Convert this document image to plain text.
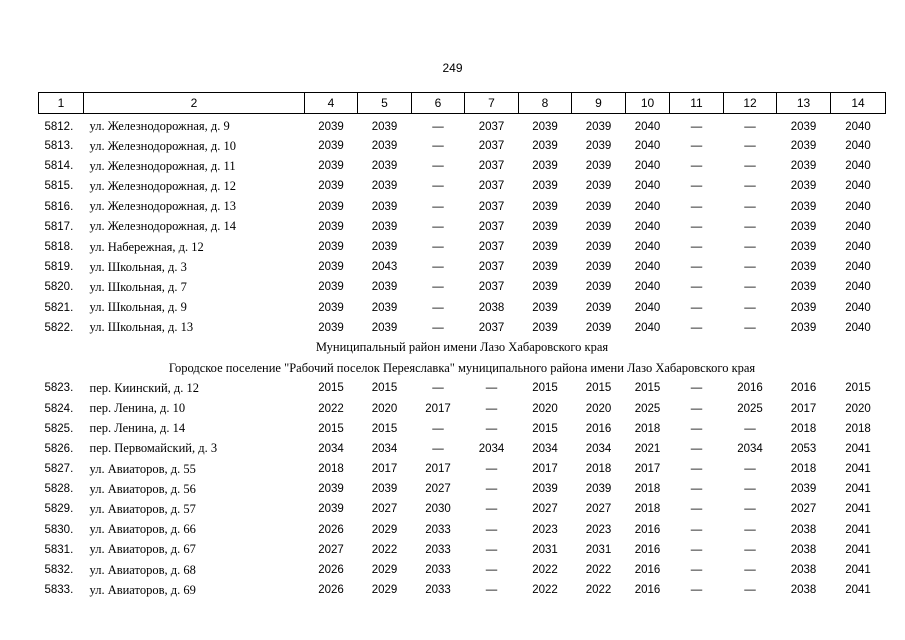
249
1	2	4	5	6	7	8	9	10	11	12	13	14
5812.	ул. Железнодорожная, д. 9	2039	2039	—	2037	2039	2039	2040	—	—	2039	2040
5813.	ул. Железнодорожная, д. 10	2039	2039	—	2037	2039	2039	2040	—	—	2039	2040
5814.	ул. Железнодорожная, д. 11	2039	2039	—	2037	2039	2039	2040	—	—	2039	2040
5815.	ул. Железнодорожная, д. 12	2039	2039	—	2037	2039	2039	2040	—	—	2039	2040
5816.	ул. Железнодорожная, д. 13	2039	2039	—	2037	2039	2039	2040	—	—	2039	2040
5817.	ул. Железнодорожная, д. 14	2039	2039	—	2037	2039	2039	2040	—	—	2039	2040
5818.	ул. Набережная, д. 12	2039	2039	—	2037	2039	2039	2040	—	—	2039	2040
5819.	ул. Школьная, д. 3	2039	2043	—	2037	2039	2039	2040	—	—	2039	2040
5820.	ул. Школьная, д. 7	2039	2039	—	2037	2039	2039	2040	—	—	2039	2040
5821.	ул. Школьная, д. 9	2039	2039	—	2038	2039	2039	2040	—	—	2039	2040
5822.	ул. Школьная, д. 13	2039	2039	—	2037	2039	2039	2040	—	—	2039	2040
Муниципальный район имени Лазо Хабаровского края												
Городское поселение "Рабочий поселок Переяславка" муниципального района имени Лазо Хабаровского края												
5823.	пер. Киинский, д. 12	2015	2015	—	—	2015	2015	2015	—	2016	2016	2015
5824.	пер. Ленина, д. 10	2022	2020	2017	—	2020	2020	2025	—	2025	2017	2020
5825.	пер. Ленина, д. 14	2015	2015	—	—	2015	2016	2018	—	—	2018	2018
5826.	пер. Первомайский, д. 3	2034	2034	—	2034	2034	2034	2021	—	2034	2053	2041
5827.	ул. Авиаторов, д. 55	2018	2017	2017	—	2017	2018	2017	—	—	2018	2041
5828.	ул. Авиаторов, д. 56	2039	2039	2027	—	2039	2039	2018	—	—	2039	2041
5829.	ул. Авиаторов, д. 57	2039	2027	2030	—	2027	2027	2018	—	—	2027	2041
5830.	ул. Авиаторов, д. 66	2026	2029	2033	—	2023	2023	2016	—	—	2038	2041
5831.	ул. Авиаторов, д. 67	2027	2022	2033	—	2031	2031	2016	—	—	2038	2041
5832.	ул. Авиаторов, д. 68	2026	2029	2033	—	2022	2022	2016	—	—	2038	2041
5833.	ул. Авиаторов, д. 69	2026	2029	2033	—	2022	2022	2016	—	—	2038	2041
